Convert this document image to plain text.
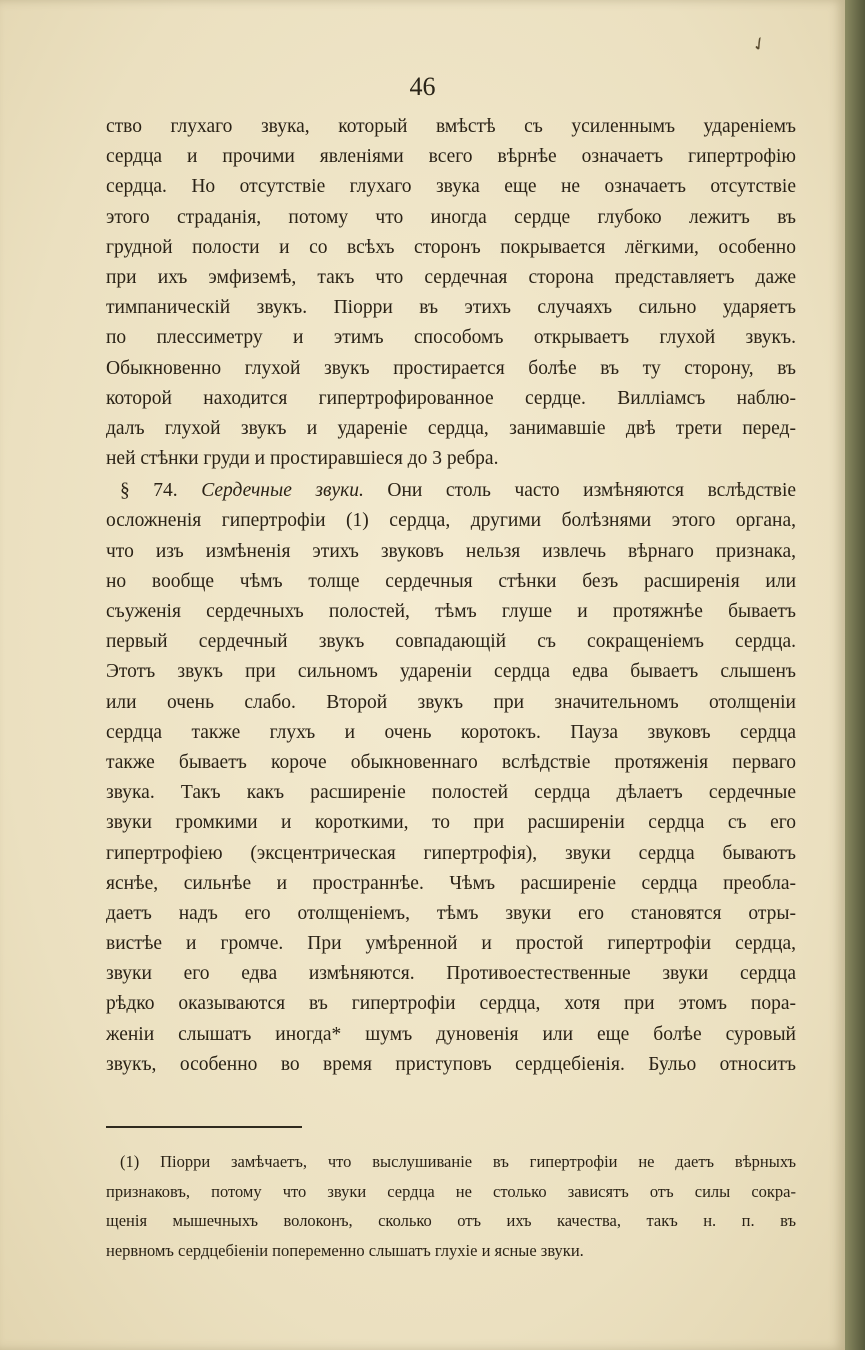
✓
46
ство глухаго звука, который вмѣстѣ съ усиленнымъ удареніемъ
сердца и прочими явленіями всего вѣрнѣе означаетъ гипертрофію
сердца. Но отсутствіе глухаго звука еще не означаетъ отсутствіе
этого страданія, потому что иногда сердце глубоко лежитъ въ
грудной полости и со всѣхъ сторонъ покрывается лёгкими, особенно
при ихъ эмфиземѣ, такъ что сердечная сторона представляетъ даже
тимпаническій звукъ. Піорри въ этихъ случаяхъ сильно ударяетъ
по плессиметру и этимъ способомъ открываетъ глухой звукъ.
Обыкновенно глухой звукъ простирается болѣе въ ту сторону, въ
которой находится гипертрофированное сердце. Вилліамсъ наблю-
далъ глухой звукъ и удареніе сердца, занимавшіе двѣ трети перед-
ней стѣнки груди и простиравшіеся до 3 ребра.
§ 74. Сердечные звуки. Они столь часто измѣняются вслѣдствіе
осложненія гипертрофіи (1) сердца, другими болѣзнями этого органа,
что изъ измѣненія этихъ звуковъ нельзя извлечь вѣрнаго признака,
но вообще чѣмъ толще сердечныя стѣнки безъ расширенія или
съуженія сердечныхъ полостей, тѣмъ глуше и протяжнѣе бываетъ
первый сердечный звукъ совпадающій съ сокращеніемъ сердца.
Этотъ звукъ при сильномъ ударенiи сердца едва бываетъ слышенъ
или очень слабо. Второй звукъ при значительномъ отолщенiи
сердца также глухъ и очень коротокъ. Пауза звуковъ сердца
также бываетъ короче обыкновеннаго вслѣдствіе протяженія перваго
звука. Такъ какъ расширеніе полостей сердца дѣлаетъ сердечные
звуки громкими и короткими, то при расширенiи сердца съ его
гипертрофіею (эксцентрическая гипертрофія), звуки сердца бываютъ
яснѣе, сильнѣе и пространнѣе. Чѣмъ расширеніе сердца преобла-
даетъ надъ его отолщеніемъ, тѣмъ звуки его становятся отры-
вистѣе и громче. При умѣренной и простой гипертрофіи сердца,
звуки его едва измѣняются. Противоестественные звуки сердца
рѣдко оказываются въ гипертрофіи сердца, хотя при этомъ пора-
женіи слышатъ иногда* шумъ дуновенія или еще болѣе суровый
звукъ, особенно во время приступовъ сердцебіенія. Бульо относитъ
(1) Піорри замѣчаетъ, что выслушиваніе въ гипертрофіи не даетъ вѣрныхъ
признаковъ, потому что звуки сердца не столько зависятъ отъ силы сокра-
щенія мышечныхъ волоконъ, сколько отъ ихъ качества, такъ н. п. въ
нервномъ сердцебіеніи попеременно слышатъ глухіе и ясные звуки.
